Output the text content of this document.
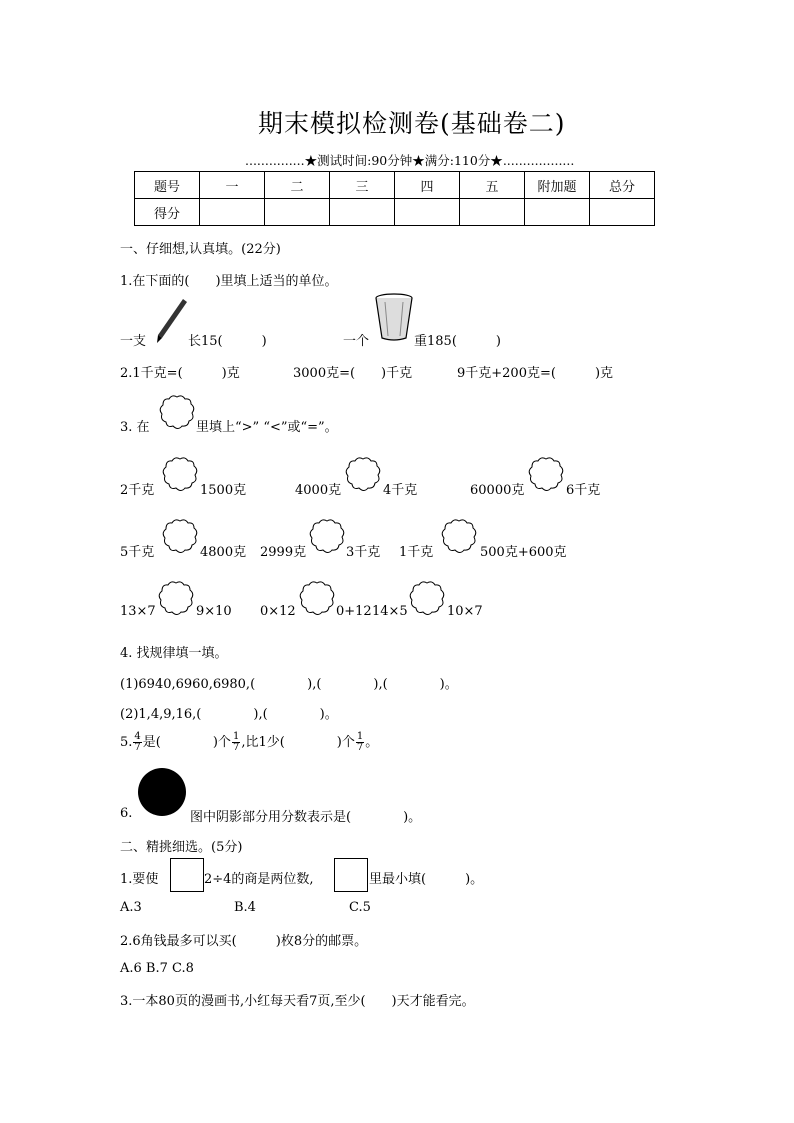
期末模拟检测卷(基础卷二)
...............★测试时间:90分钟★满分:110分★..................
题号	一	二	三	四	五	附加题	总分
得分							
一、仔细想,认真填。(22分)
1.在下面的(　　)里填上适当的单位。
一支	长15(　　　)	一个	重185(　　　)
2.1千克=(　　　)克	3000克=(　　)千克	9千克+200克=(　　　)克
3. 在	里填上“>” “<”或“=”。
2千克	1500克	4000克	4千克	60000克	6千克
5千克	4800克 2999克	3千克 1千克	500克+600克
13×7	9×10 0×12	0+12 14×5	10×7
4. 找规律填一填。
(1)6940,6960,6980,(　　　　),(　　　　),(　　　　)。
(2)1,4,9,16,(　　　　),(　　　　)。
5. $\frac{4}{7}$ 是(　　　　)个 $\frac{1}{7}$ ,比1少(　　　　)个 $\frac{1}{7}$ 。
6.	图中阴影部分用分数表示是(　　　　)。
二、精挑细选。(5分)
1.要使	2÷4的商是两位数,	里最小填(　　　)。
A.3	B.4	C.5
2.6角钱最多可以买(　　　)枚8分的邮票。
A.6 B.7 C.8
3.一本80页的漫画书,小红每天看7页,至少(　　)天才能看完。
